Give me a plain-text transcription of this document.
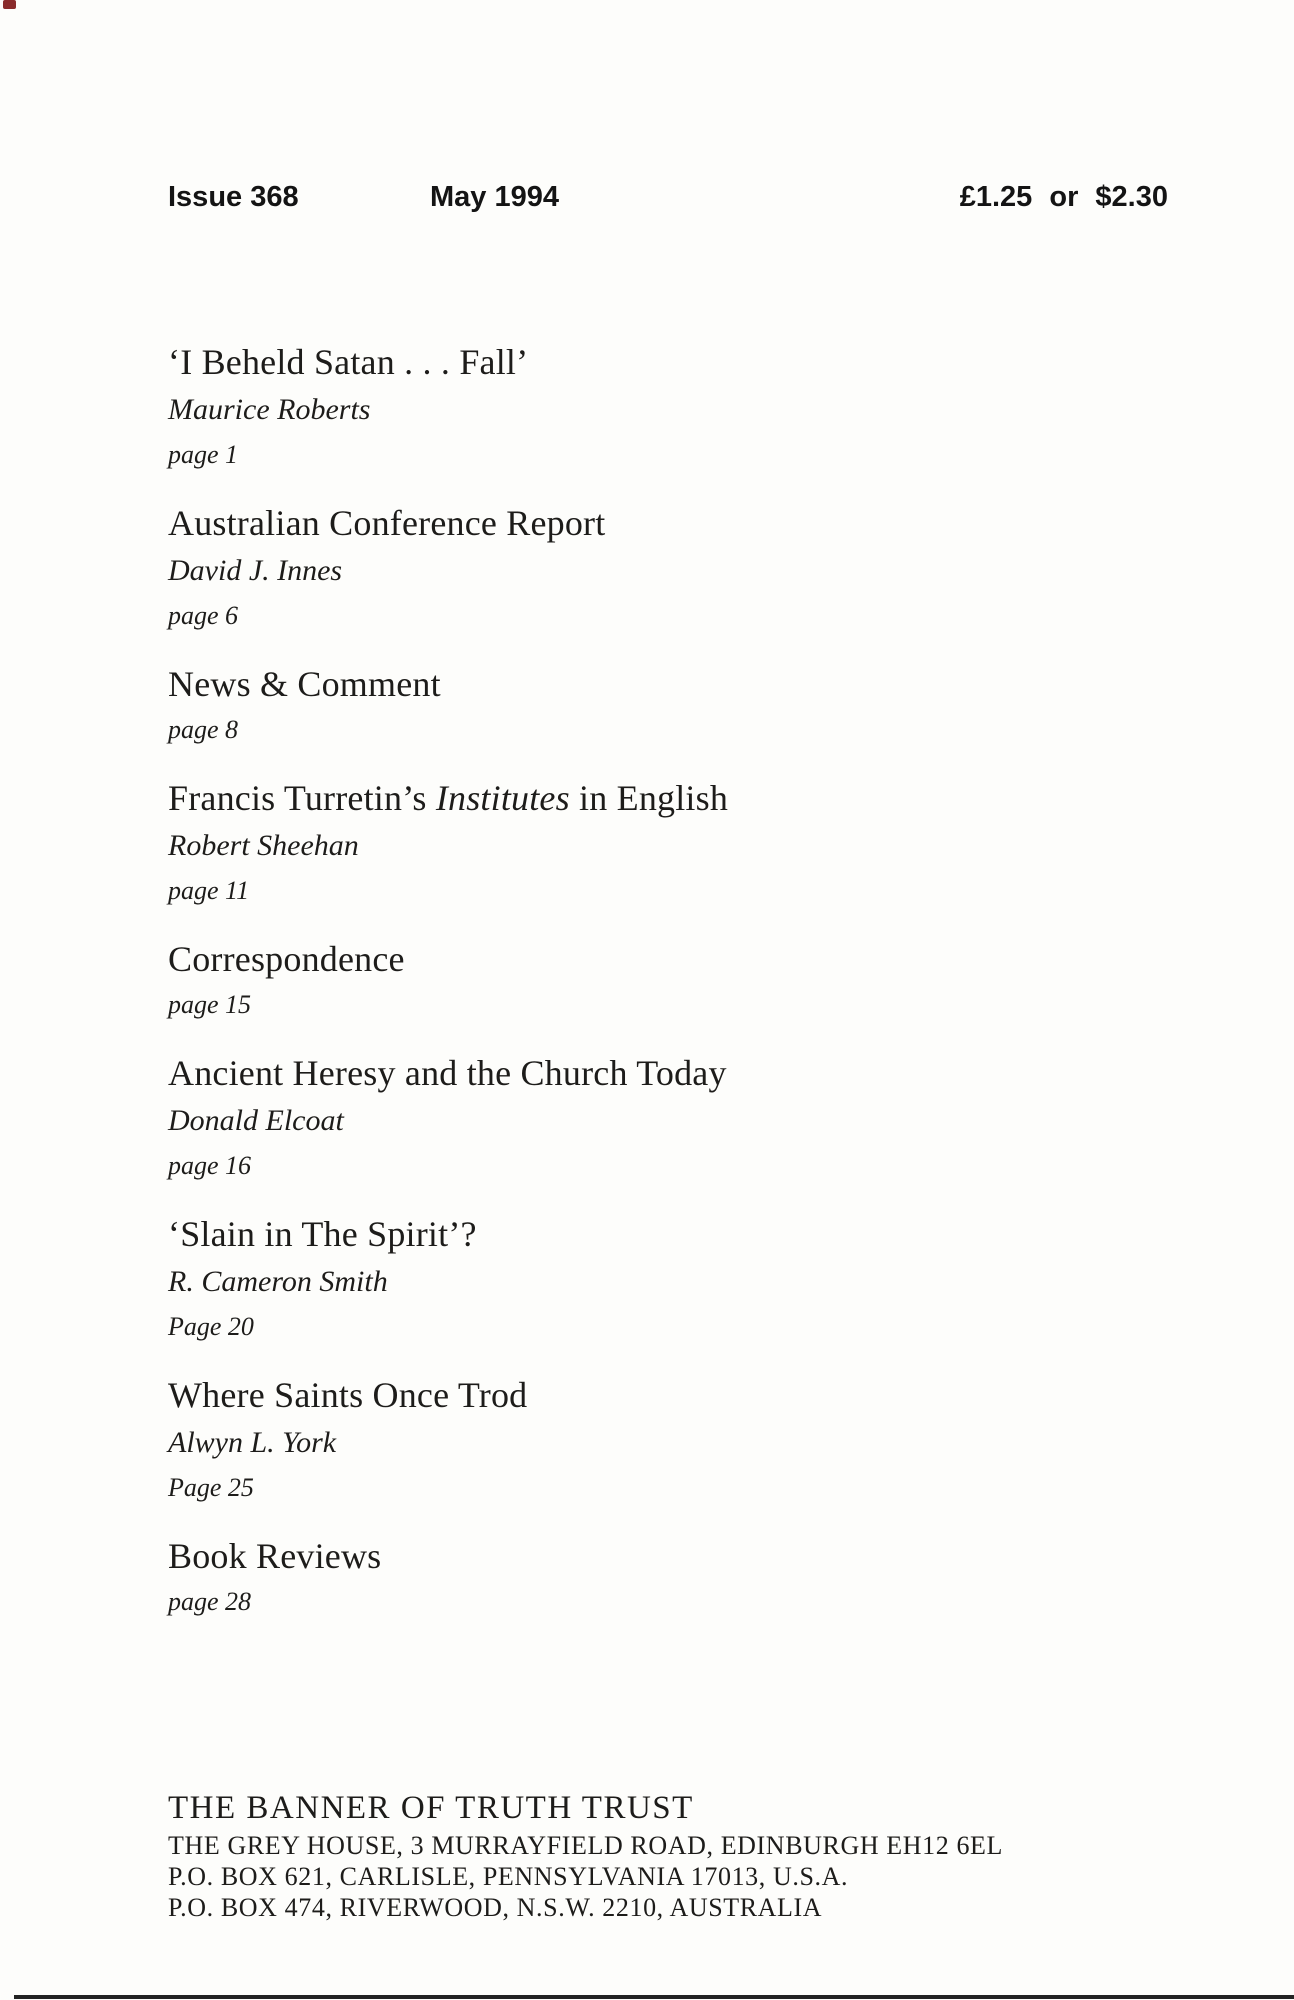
Issue 368	May 1994	£1.25 or $2.30
‘I Beheld Satan . . . Fall’
Maurice Roberts
page 1
Australian Conference Report
David J. Innes
page 6
News & Comment
page 8
Francis Turretin’s Institutes in English
Robert Sheehan
page 11
Correspondence
page 15
Ancient Heresy and the Church Today
Donald Elcoat
page 16
‘Slain in The Spirit’?
R. Cameron Smith
Page 20
Where Saints Once Trod
Alwyn L. York
Page 25
Book Reviews
page 28
THE BANNER OF TRUTH TRUST
THE GREY HOUSE, 3 MURRAYFIELD ROAD, EDINBURGH EH12 6EL
P.O. BOX 621, CARLISLE, PENNSYLVANIA 17013, U.S.A.
P.O. BOX 474, RIVERWOOD, N.S.W. 2210, AUSTRALIA
